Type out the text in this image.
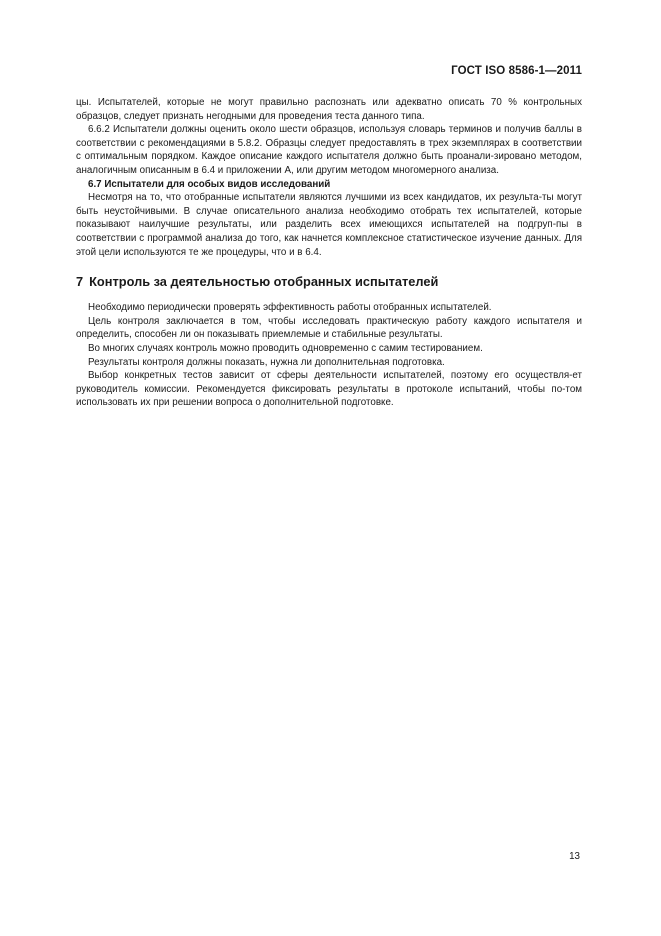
ГОСТ ISO 8586-1—2011

цы. Испытателей, которые не могут правильно распознать или адекватно описать 70 % контрольных образцов, следует признать негодными для проведения теста данного типа.

6.6.2 Испытатели должны оценить около шести образцов, используя словарь терминов и получив баллы в соответствии с рекомендациями в 5.8.2. Образцы следует предоставлять в трех экземплярах в соответствии с оптимальным порядком. Каждое описание каждого испытателя должно быть проанали-зировано методом, аналогичным описанным в 6.4 и приложении А, или другим методом многомерного анализа.

6.7 Испытатели для особых видов исследований

Несмотря на то, что отобранные испытатели являются лучшими из всех кандидатов, их результа-ты могут быть неустойчивыми. В случае описательного анализа необходимо отобрать тех испытателей, которые показывают наилучшие результаты, или разделить всех имеющихся испытателей на подгруп-пы в соответствии с программой анализа до того, как начнется комплексное статистическое изучение данных. Для этой цели используются те же процедуры, что и в 6.4.

7 Контроль за деятельностью отобранных испытателей

Необходимо периодически проверять эффективность работы отобранных испытателей.

Цель контроля заключается в том, чтобы исследовать практическую работу каждого испытателя и определить, способен ли он показывать приемлемые и стабильные результаты.

Во многих случаях контроль можно проводить одновременно с самим тестированием.

Результаты контроля должны показать, нужна ли дополнительная подготовка.

Выбор конкретных тестов зависит от сферы деятельности испытателей, поэтому его осуществля-ет руководитель комиссии. Рекомендуется фиксировать результаты в протоколе испытаний, чтобы по-том использовать их при решении вопроса о дополнительной подготовке.

13
